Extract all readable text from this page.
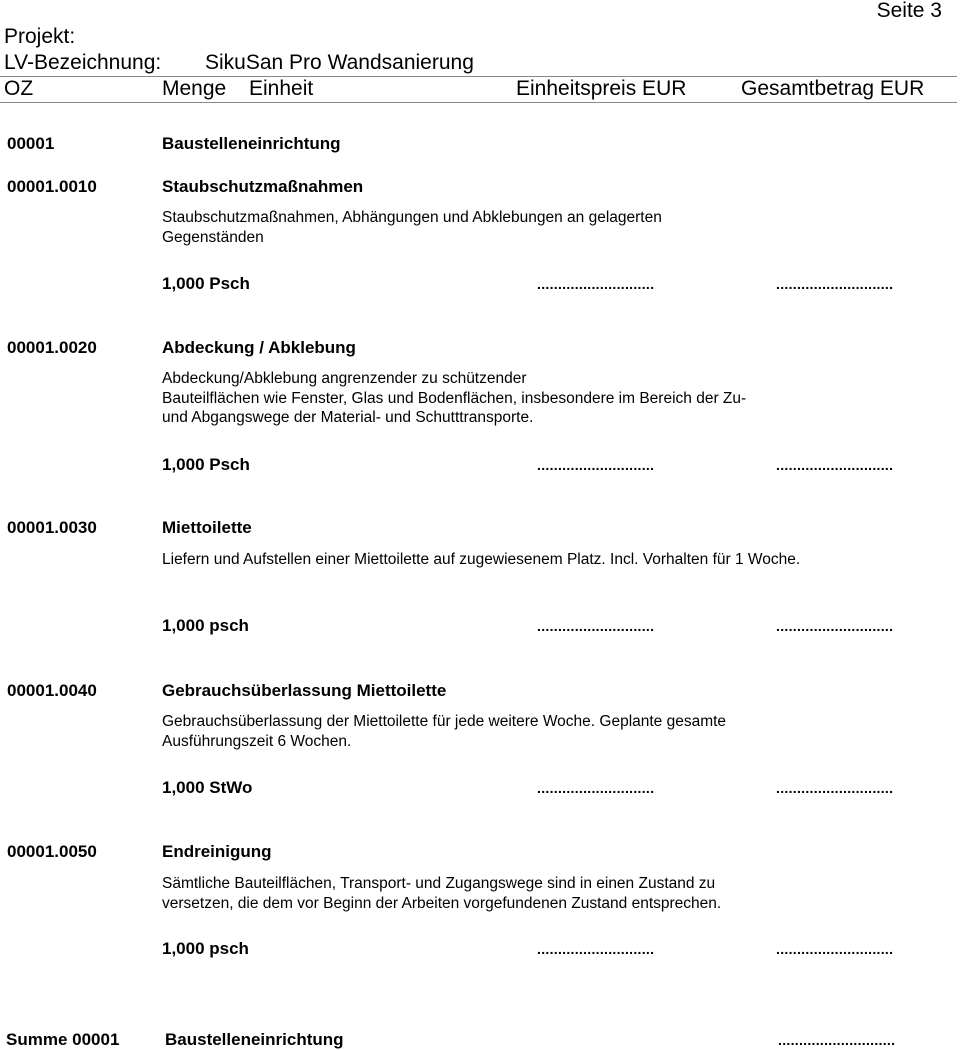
Seite 3
Projekt:
LV-Bezeichnung: SikuSan Pro Wandsanierung
OZ	Menge Einheit	Einheitspreis EUR	Gesamtbetrag EUR
00001	Baustelleneinrichtung
00001.0010	Staubschutzmaßnahmen
Staubschutzmaßnahmen, Abhängungen und Abklebungen an gelagerten Gegenständen
1,000 Psch	............................	............................
00001.0020	Abdeckung / Abklebung
Abdeckung/Abklebung angrenzender zu schützender
Bauteilflächen wie Fenster, Glas und Bodenflächen, insbesondere im Bereich der Zu-
und Abgangswege der Material- und Schutttransporte.
1,000 Psch	............................	............................
00001.0030	Miettoilette
Liefern und Aufstellen einer Miettoilette auf zugewiesenem Platz. Incl. Vorhalten für 1 Woche.
1,000 psch	............................	............................
00001.0040	Gebrauchsüberlassung Miettoilette
Gebrauchsüberlassung der Miettoilette für jede weitere Woche. Geplante gesamte Ausführungszeit 6 Wochen.
1,000 StWo	............................	............................
00001.0050	Endreinigung
Sämtliche Bauteilflächen, Transport- und Zugangswege sind in einen Zustand zu versetzen, die dem vor Beginn der Arbeiten vorgefundenen Zustand entsprechen.
1,000 psch	............................	............................
Summe 00001	Baustelleneinrichtung	............................
